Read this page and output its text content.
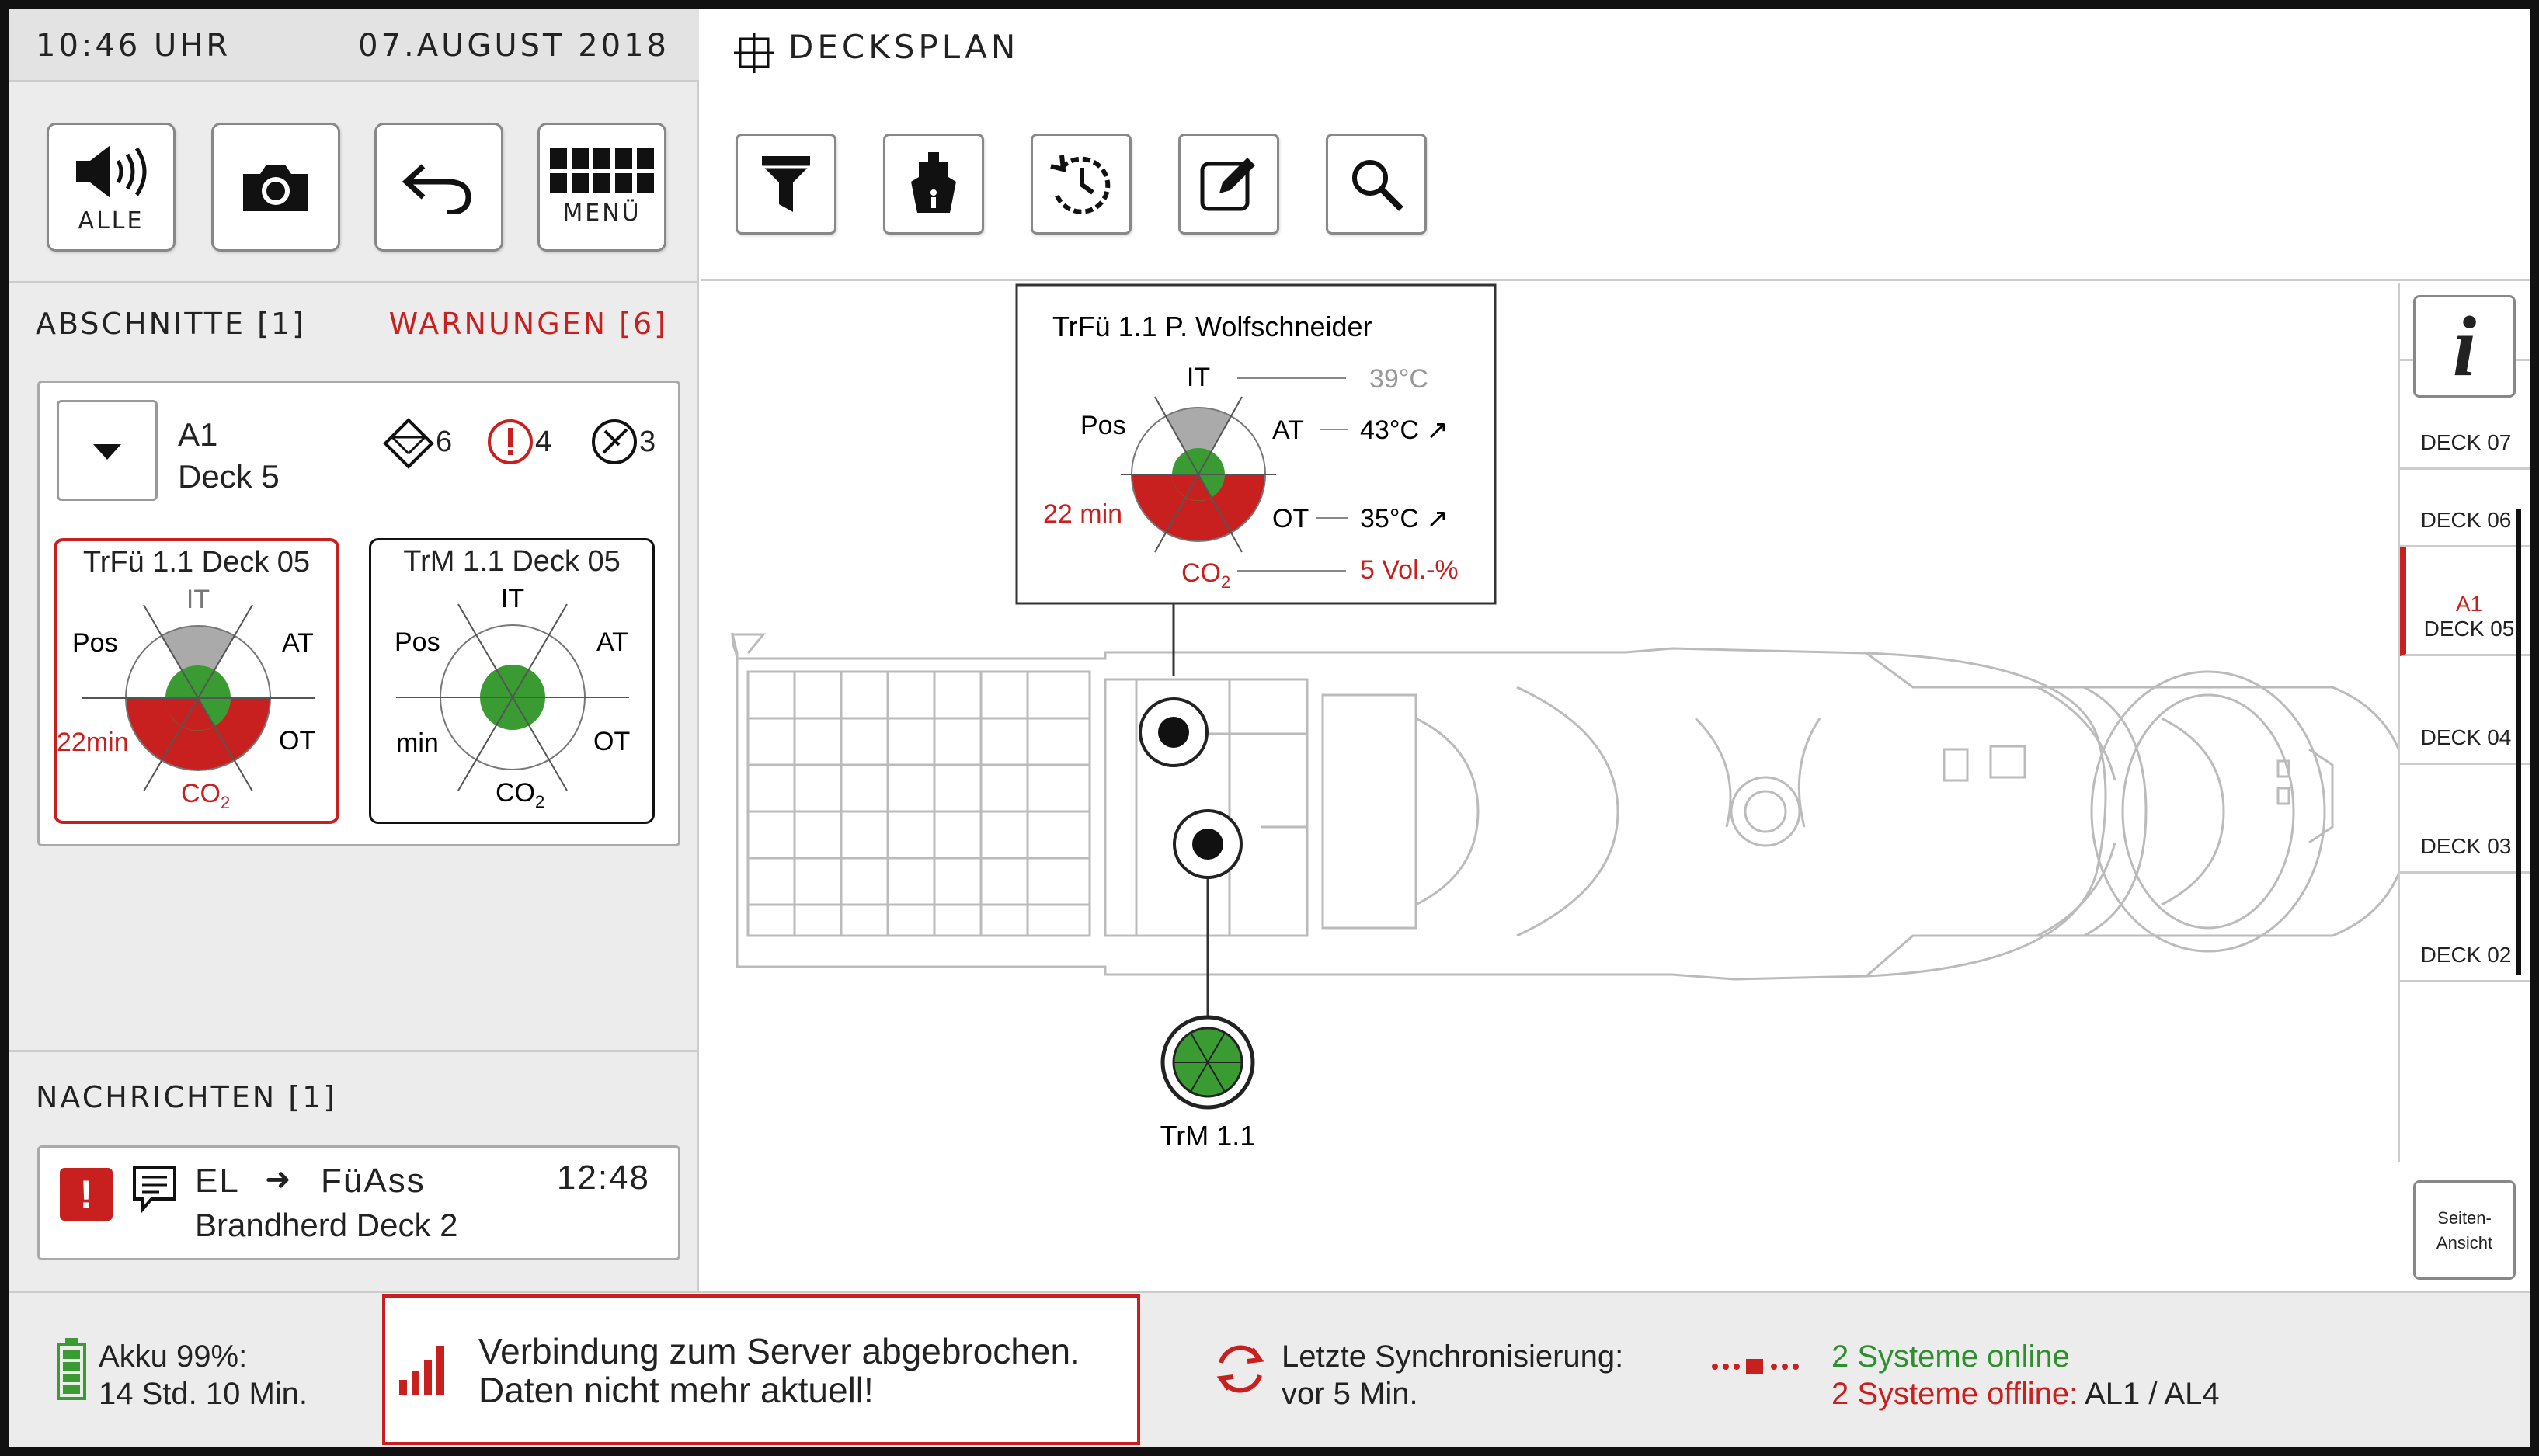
10:46 UHR	07.AUGUST 2018
ALLE	MENÜ
ABSCHNITTE [1]	WARNUNGEN [6]
A1
Deck 5
$_6$	$_4$	$_3$
TrFü 1.1 Deck 05
IT
Pos	AT
22min	OT
$CO_2$
TrM 1.1 Deck 05
IT
Pos	AT
min	OT
$CO_2$
NACHRICHTEN [1]
!	EL ➜ FüAss	12:48
Brandherd Deck 2
DECKSPLAN
TrM 1.1
TrFü 1.1 P. Wolfschneider
IT	39°C
Pos	AT 43°C ↗
22 min	OT 35°C ↗
$CO_2$	5 Vol.-%
DECK 07
DECK 06
A1
DECK 05
DECK 04
DECK 03
DECK 02
i
Seiten-
Ansicht
Akku 99%:
14 Std. 10 Min.
Verbindung zum Server abgebrochen.
Daten nicht mehr aktuell!
Letzte Synchronisierung:
vor 5 Min.
2 Systeme online
2 Systeme offline: AL1 / AL4
